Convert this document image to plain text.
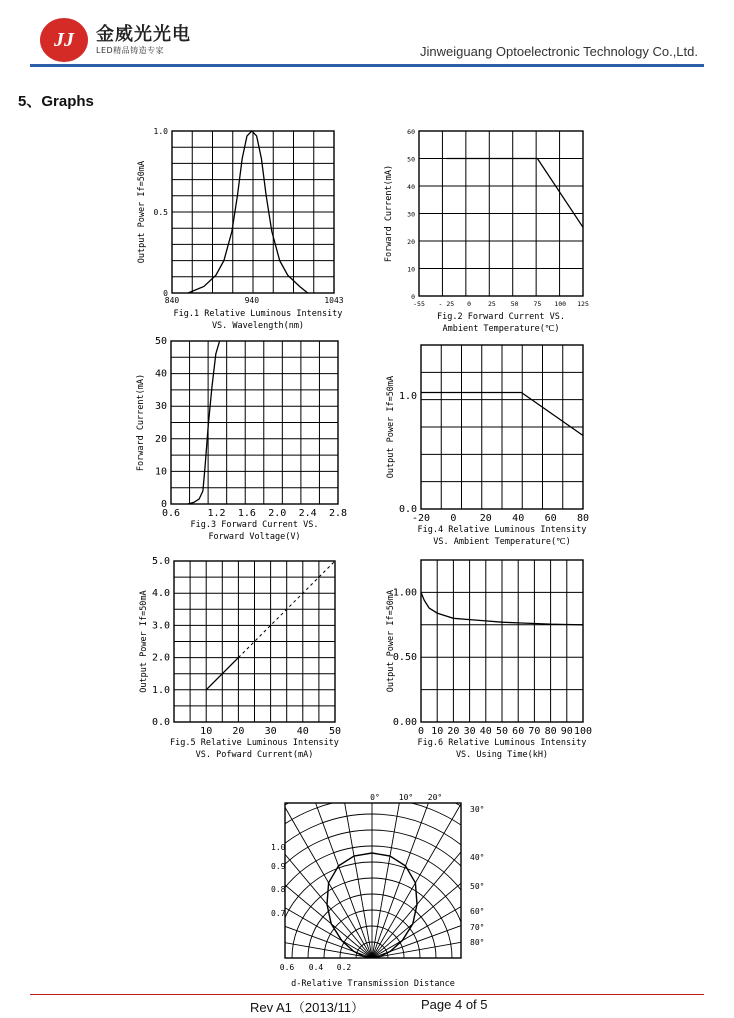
JJ	金威光光电
LED精品铸造专家	Jinweiguang Optoelectronic Technology Co.,Ltd.
5、Graphs
840	940	1043
0
0.5
1.0
Output Power If=50mA
Fig.1 Relative Luminous Intensity
VS. Wavelength(nm)
-55 - 25 0	25 50 75 100 125
0
10
20
30
40
50
60
Forward Current(mA)
Fig.2 Forward Current VS.
Ambient Temperature(℃)
0.6	1.2 1.6 2.0 2.4 2.8
0
10
20
30
40
50
Forward Current(mA)
Fig.3 Forward Current VS.
Forward Voltage(V)
-20 0 20 40 60 80
0.0
1.0
Output Power If=50mA
Fig.4 Relative Luminous Intensity
VS. Ambient Temperature(℃)
10 20 30 40 50
0.0
1.0
2.0
3.0
4.0
5.0
Output Power If=50mA
Fig.5 Relative Luminous Intensity
VS. Pofward Current(mA)
0 10 20 30 40 50 60 70 80 90 100
0.00
0.50
1.00
Output Power If=50mA
Fig.6 Relative Luminous Intensity
VS. Using Time(kH)
0° 10° 20°
30°
40°
50°
60°
70°
80°
1.0
0.9
0.8
0.7
0.6 0.4 0.2
d-Relative Transmission Distance
Rev A1（2013/11）	Page 4 of 5
